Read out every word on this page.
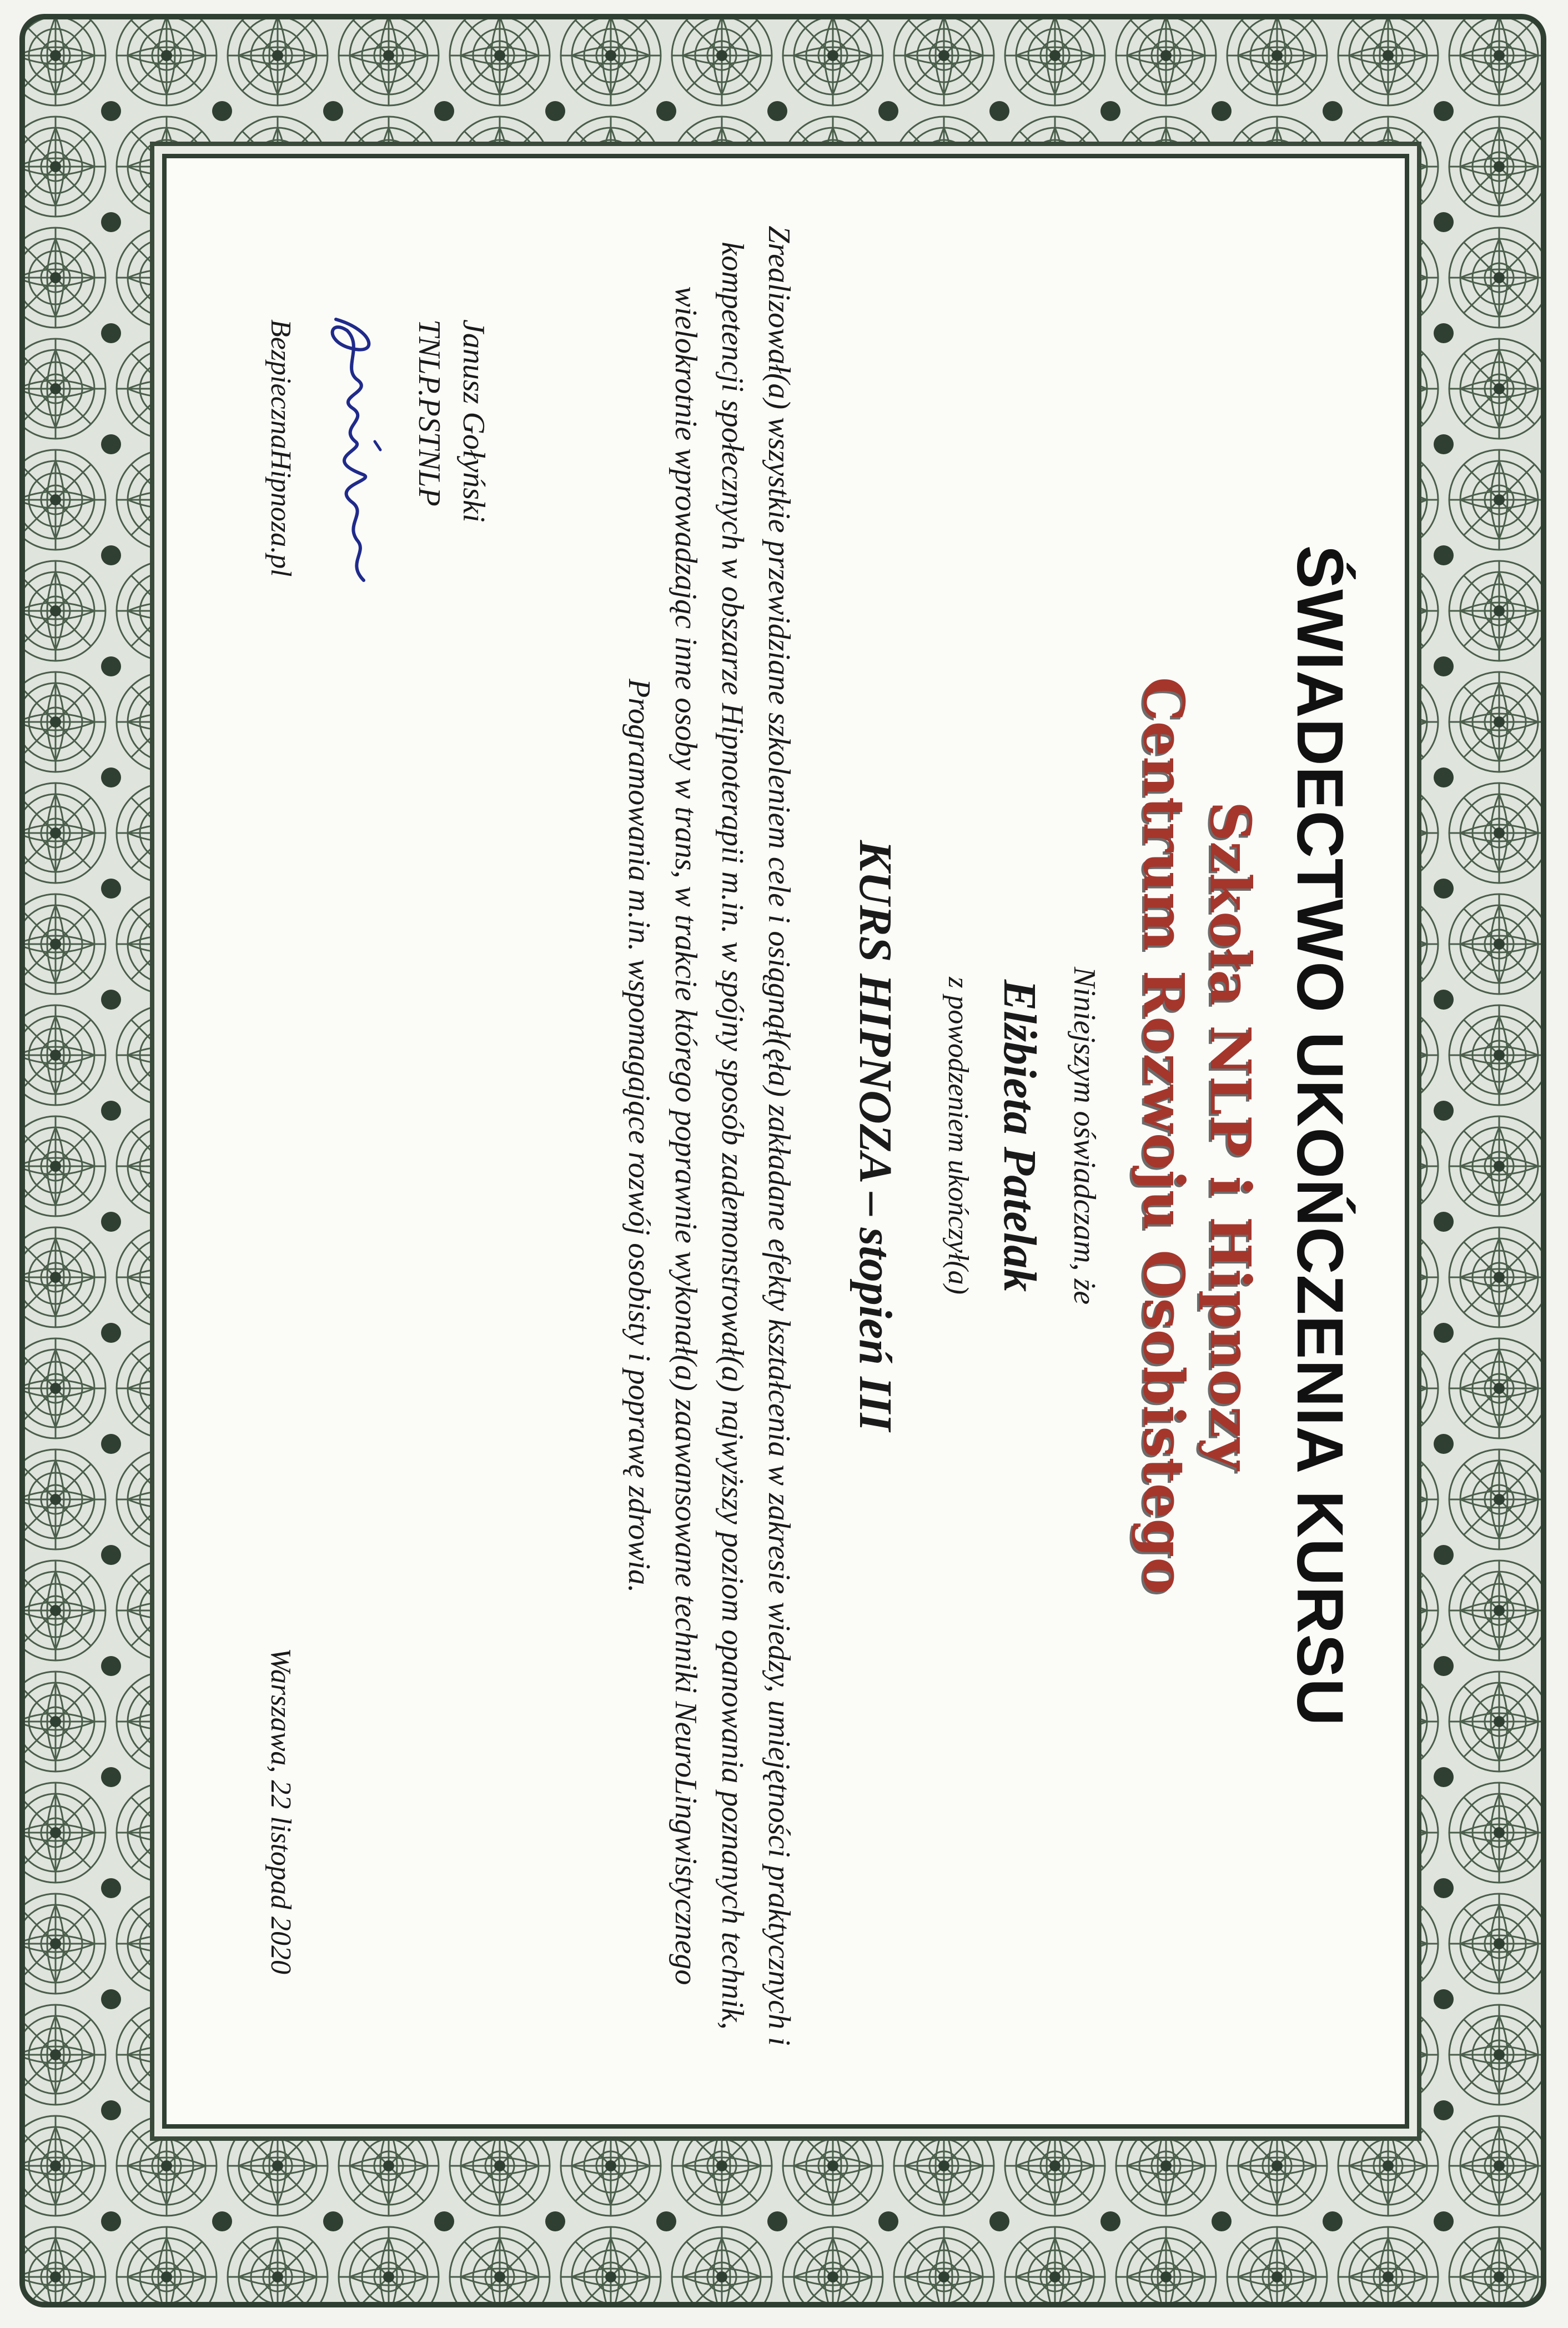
ŚWIADECTWO UKOŃCZENIA KURSU
Szkoła NLP i Hipnozy
Centrum Rozwoju Osobistego
Niniejszym oświadczam, że
Elżbieta Patelak
z powodzeniem ukończył(a)
KURS HIPNOZA – stopień III
Zrealizował(a) wszystkie przewidziane szkoleniem cele i osiągnął(ęła) zakładane efekty kształcenia w zakresie wiedzy, umiejętności praktycznych i kompetencji społecznych w obszarze Hipnoterapii m.in. w spójny sposób zademonstrował(a) najwyższy poziom opanowania poznanych technik, wielokrotnie wprowadzając inne osoby w trans, w trakcie którego poprawnie wykonał(a) zaawansowane techniki NeuroLingwistycznego Programowania m.in. wspomagające rozwój osobisty i poprawę zdrowia.
Janusz Gołyński
TNLP.PSTNLP
BezpiecznaHipnoza.pl
Warszawa, 22 listopad 2020
